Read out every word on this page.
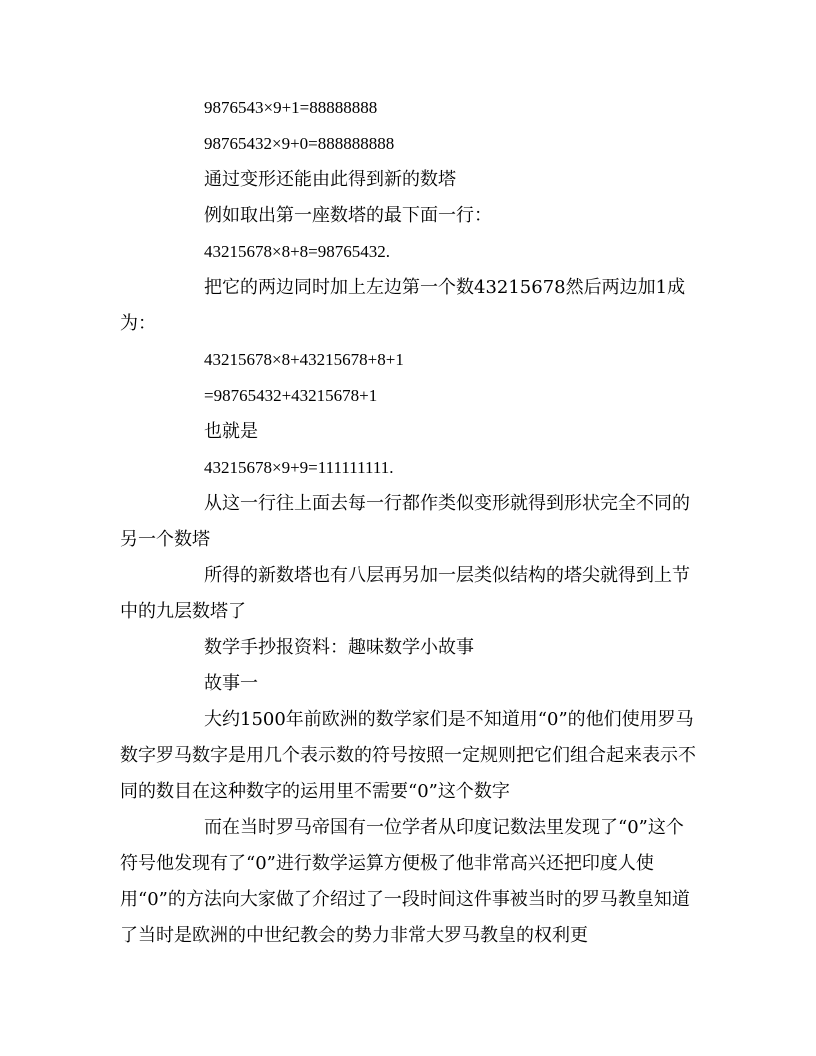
9876543×9+1=88888888

98765432×9+0=888888888

通过变形还能由此得到新的数塔

例如取出第一座数塔的最下面一行：

43215678×8+8=98765432.

把它的两边同时加上左边第一个数43215678然后两边加1成为：

43215678×8+43215678+8+1

=98765432+43215678+1

也就是

43215678×9+9=111111111.

从这一行往上面去每一行都作类似变形就得到形状完全不同的另一个数塔

所得的新数塔也有八层再另加一层类似结构的塔尖就得到上节中的九层数塔了

数学手抄报资料：趣味数学小故事

故事一

大约1500年前欧洲的数学家们是不知道用“0”的他们使用罗马数字罗马数字是用几个表示数的符号按照一定规则把它们组合起来表示不同的数目在这种数字的运用里不需要“0”这个数字

而在当时罗马帝国有一位学者从印度记数法里发现了“0”这个符号他发现有了“0”进行数学运算方便极了他非常高兴还把印度人使用“0”的方法向大家做了介绍过了一段时间这件事被当时的罗马教皇知道了当时是欧洲的中世纪教会的势力非常大罗马教皇的权利更
